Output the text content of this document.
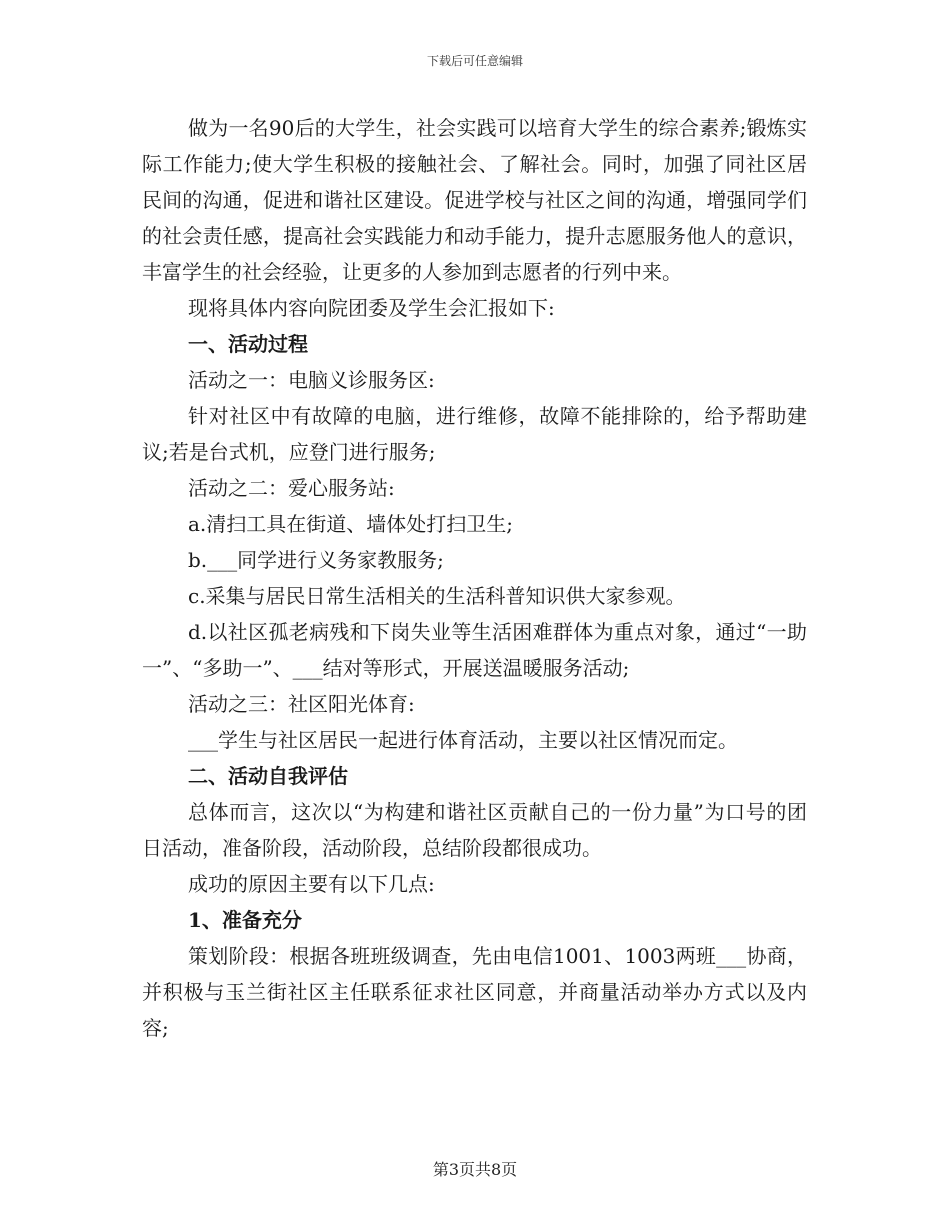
下载后可任意编辑

做为一名90后的大学生，社会实践可以培育大学生的综合素养;锻炼实际工作能力;使大学生积极的接触社会、了解社会。同时，加强了同社区居民间的沟通，促进和谐社区建设。促进学校与社区之间的沟通，增强同学们的社会责任感，提高社会实践能力和动手能力，提升志愿服务他人的意识，丰富学生的社会经验，让更多的人参加到志愿者的行列中来。

现将具体内容向院团委及学生会汇报如下:

一、活动过程

活动之一：电脑义诊服务区:

针对社区中有故障的电脑，进行维修，故障不能排除的，给予帮助建议;若是台式机，应登门进行服务;

活动之二：爱心服务站:

a.清扫工具在街道、墙体处打扫卫生;

b.___同学进行义务家教服务;

c.采集与居民日常生活相关的生活科普知识供大家参观。

d.以社区孤老病残和下岗失业等生活困难群体为重点对象，通过“一助一”、“多助一”、___结对等形式，开展送温暖服务活动;

活动之三：社区阳光体育:

___学生与社区居民一起进行体育活动，主要以社区情况而定。

二、活动自我评估

总体而言，这次以“为构建和谐社区贡献自己的一份力量”为口号的团日活动，准备阶段，活动阶段，总结阶段都很成功。

成功的原因主要有以下几点:

1、准备充分

策划阶段：根据各班班级调查，先由电信1001、1003两班___协商，并积极与玉兰街社区主任联系征求社区同意，并商量活动举办方式以及内容;

第3页共8页
